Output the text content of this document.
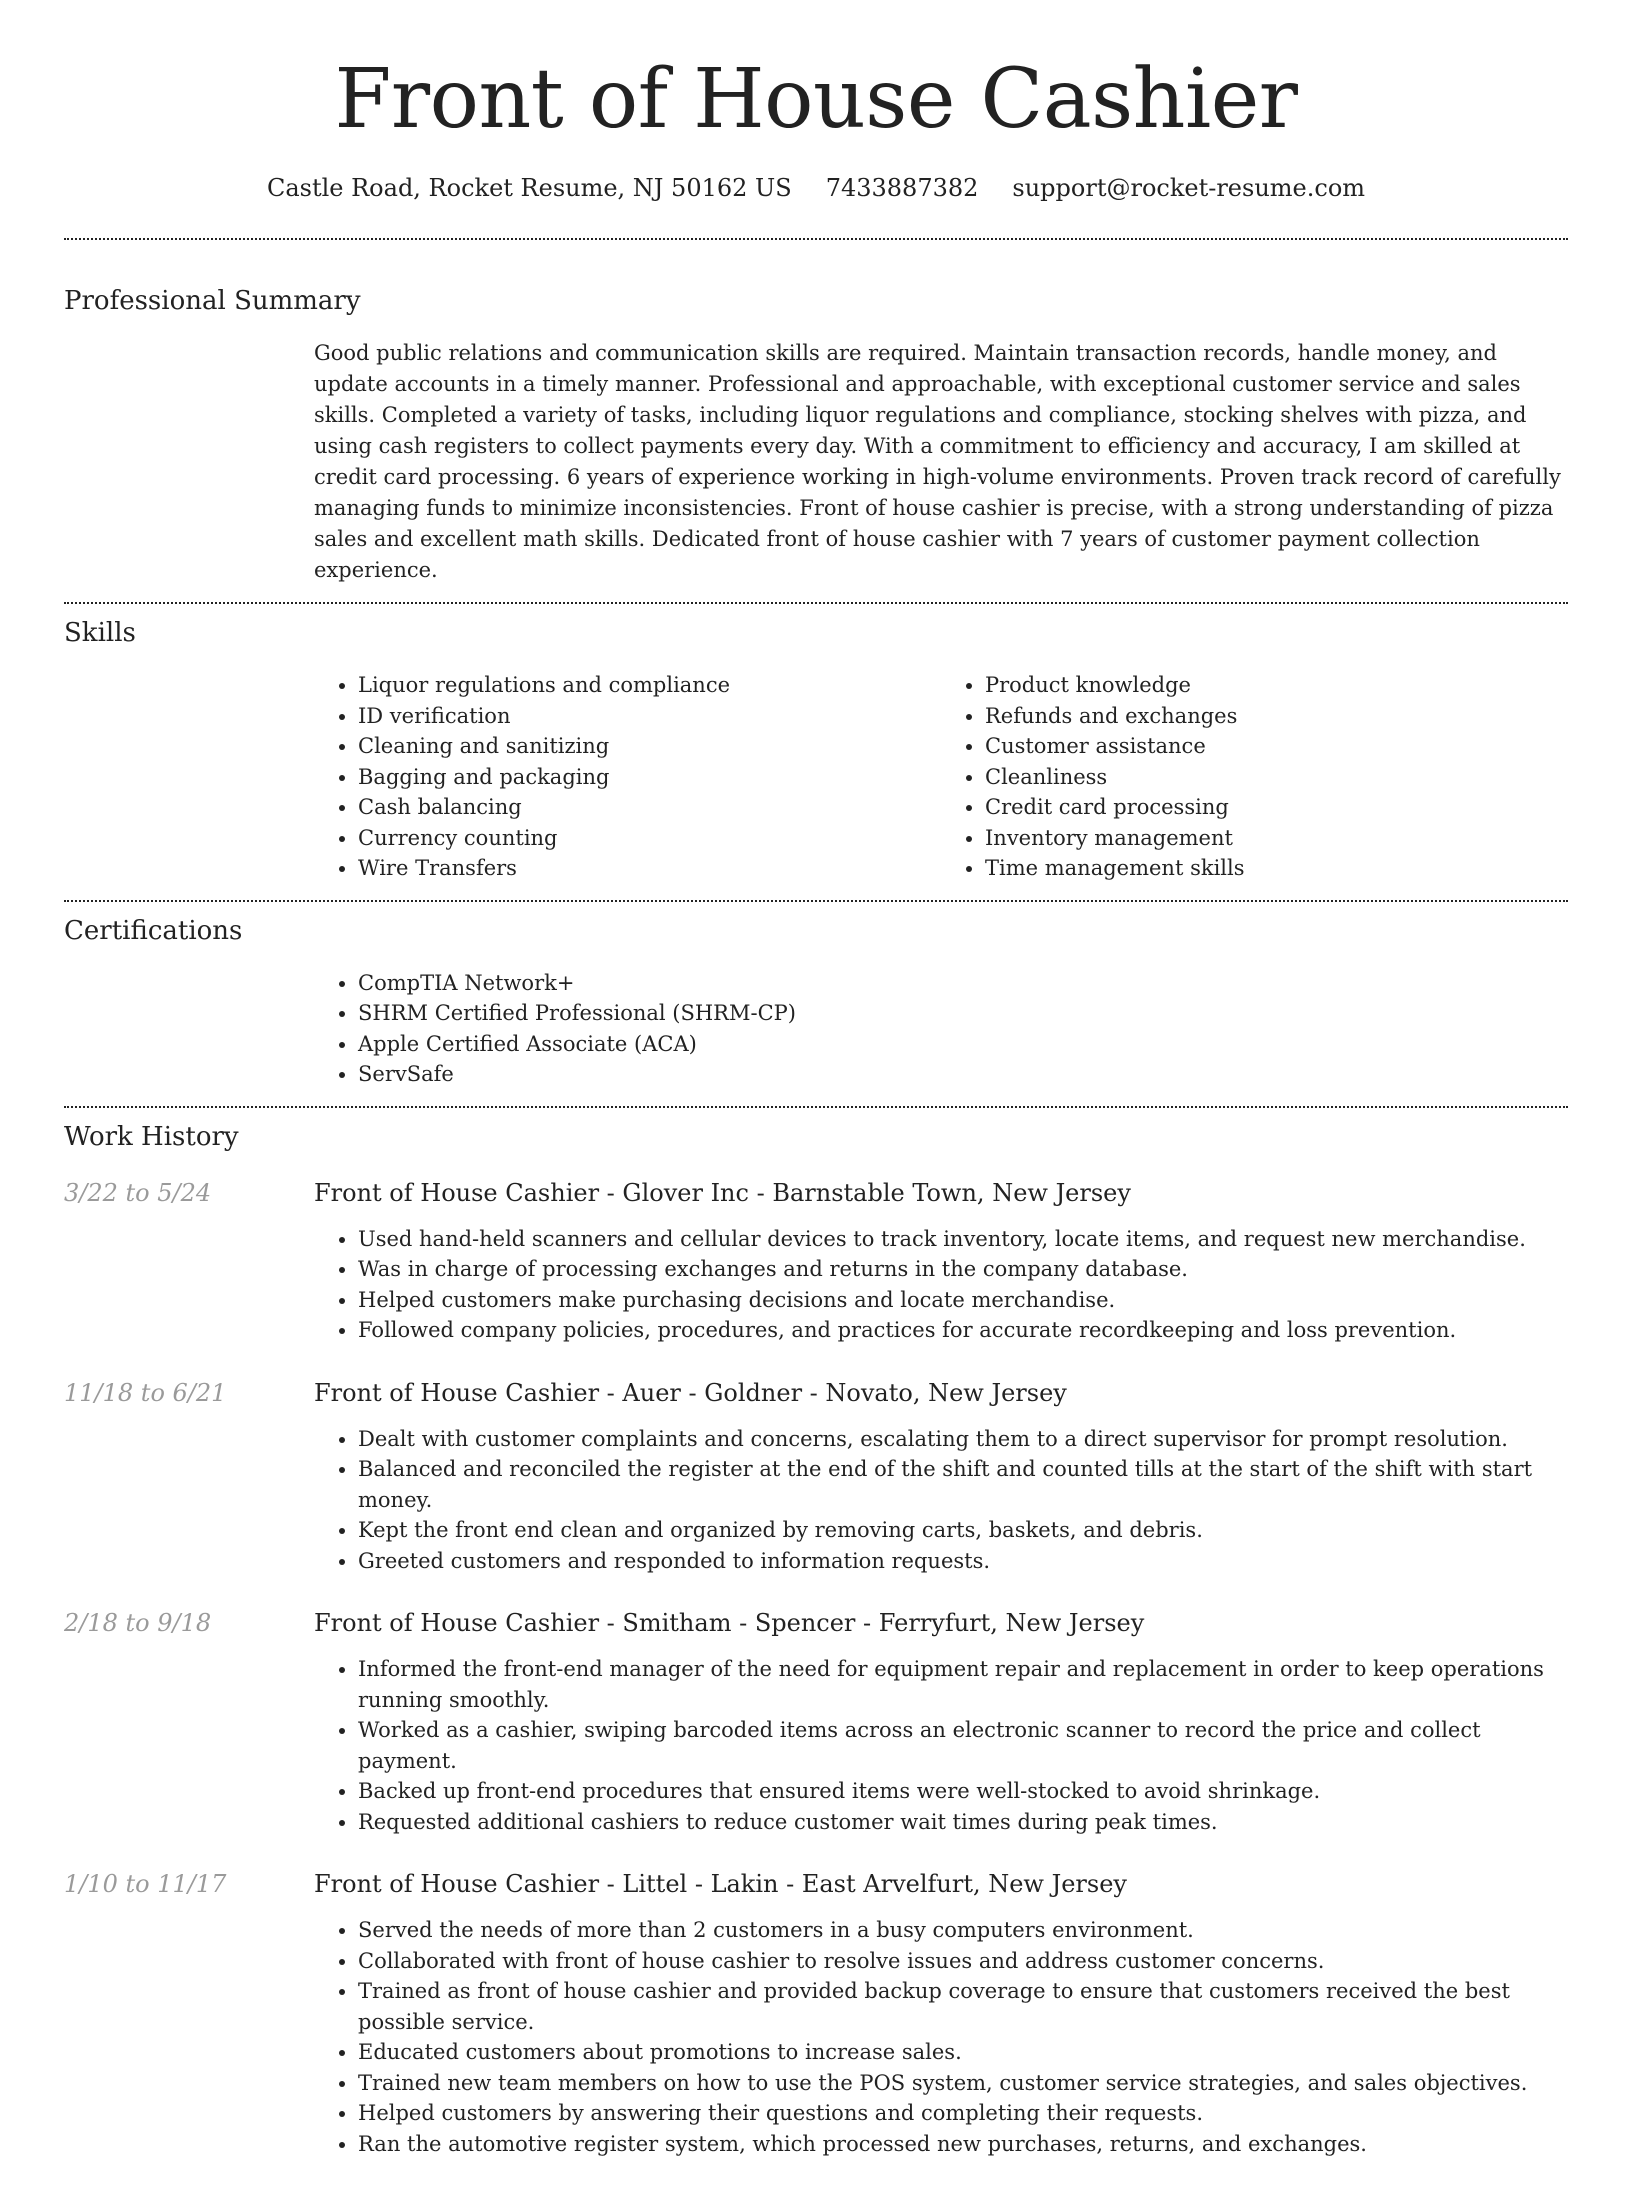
Front of House Cashier
Castle Road, Rocket Resume, NJ 50162 US 7433887382 support@rocket-resume.com
Professional Summary
Good public relations and communication skills are required. Maintain transaction records, handle money, and update accounts in a timely manner. Professional and approachable, with exceptional customer service and sales skills. Completed a variety of tasks, including liquor regulations and compliance, stocking shelves with pizza, and using cash registers to collect payments every day. With a commitment to efficiency and accuracy, I am skilled at credit card processing. 6 years of experience working in high-volume environments. Proven track record of carefully managing funds to minimize inconsistencies. Front of house cashier is precise, with a strong understanding of pizza sales and excellent math skills. Dedicated front of house cashier with 7 years of customer payment collection experience.
Skills
• Liquor regulations and compliance
• ID verification
• Cleaning and sanitizing
• Bagging and packaging
• Cash balancing
• Currency counting
• Wire Transfers
• Product knowledge
• Refunds and exchanges
• Customer assistance
• Cleanliness
• Credit card processing
• Inventory management
• Time management skills
Certifications
• CompTIA Network+
• SHRM Certified Professional (SHRM-CP)
• Apple Certified Associate (ACA)
• ServSafe
Work History
3/22 to 5/24	Front of House Cashier - Glover Inc - Barnstable Town, New Jersey
• Used hand-held scanners and cellular devices to track inventory, locate items, and request new merchandise.
• Was in charge of processing exchanges and returns in the company database.
• Helped customers make purchasing decisions and locate merchandise.
• Followed company policies, procedures, and practices for accurate recordkeeping and loss prevention.
11/18 to 6/21	Front of House Cashier - Auer - Goldner - Novato, New Jersey
• Dealt with customer complaints and concerns, escalating them to a direct supervisor for prompt resolution.
• Balanced and reconciled the register at the end of the shift and counted tills at the start of the shift with start money.
• Kept the front end clean and organized by removing carts, baskets, and debris.
• Greeted customers and responded to information requests.
2/18 to 9/18	Front of House Cashier - Smitham - Spencer - Ferryfurt, New Jersey
• Informed the front-end manager of the need for equipment repair and replacement in order to keep operations running smoothly.
• Worked as a cashier, swiping barcoded items across an electronic scanner to record the price and collect payment.
• Backed up front-end procedures that ensured items were well-stocked to avoid shrinkage.
• Requested additional cashiers to reduce customer wait times during peak times.
1/10 to 11/17	Front of House Cashier - Littel - Lakin - East Arvelfurt, New Jersey
• Served the needs of more than 2 customers in a busy computers environment.
• Collaborated with front of house cashier to resolve issues and address customer concerns.
• Trained as front of house cashier and provided backup coverage to ensure that customers received the best possible service.
• Educated customers about promotions to increase sales.
• Trained new team members on how to use the POS system, customer service strategies, and sales objectives.
• Helped customers by answering their questions and completing their requests.
• Ran the automotive register system, which processed new purchases, returns, and exchanges.
